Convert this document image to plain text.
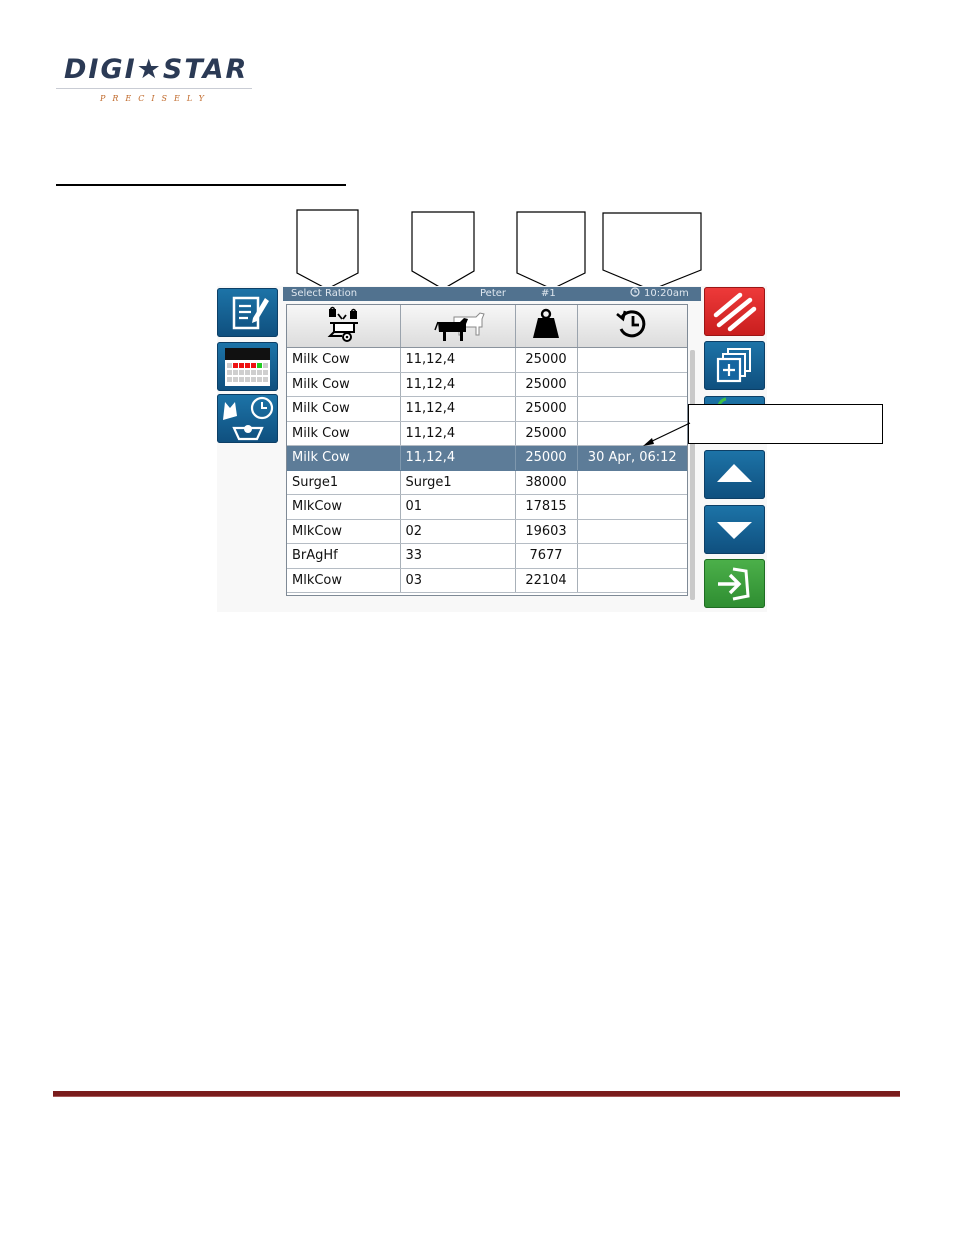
DIGI★STAR
PRECISELY
Select Ration	Peter	#1	10:20am

Milk Cow	11,12,4	25000	
Milk Cow	11,12,4	25000	
Milk Cow	11,12,4	25000	
Milk Cow	11,12,4	25000	
Milk Cow	11,12,4	25000	30 Apr, 06:12
Surge1	Surge1	38000	
MlkCow	01	17815	
MlkCow	02	19603	
BrAgHf	33	7677	
MlkCow	03	22104	
